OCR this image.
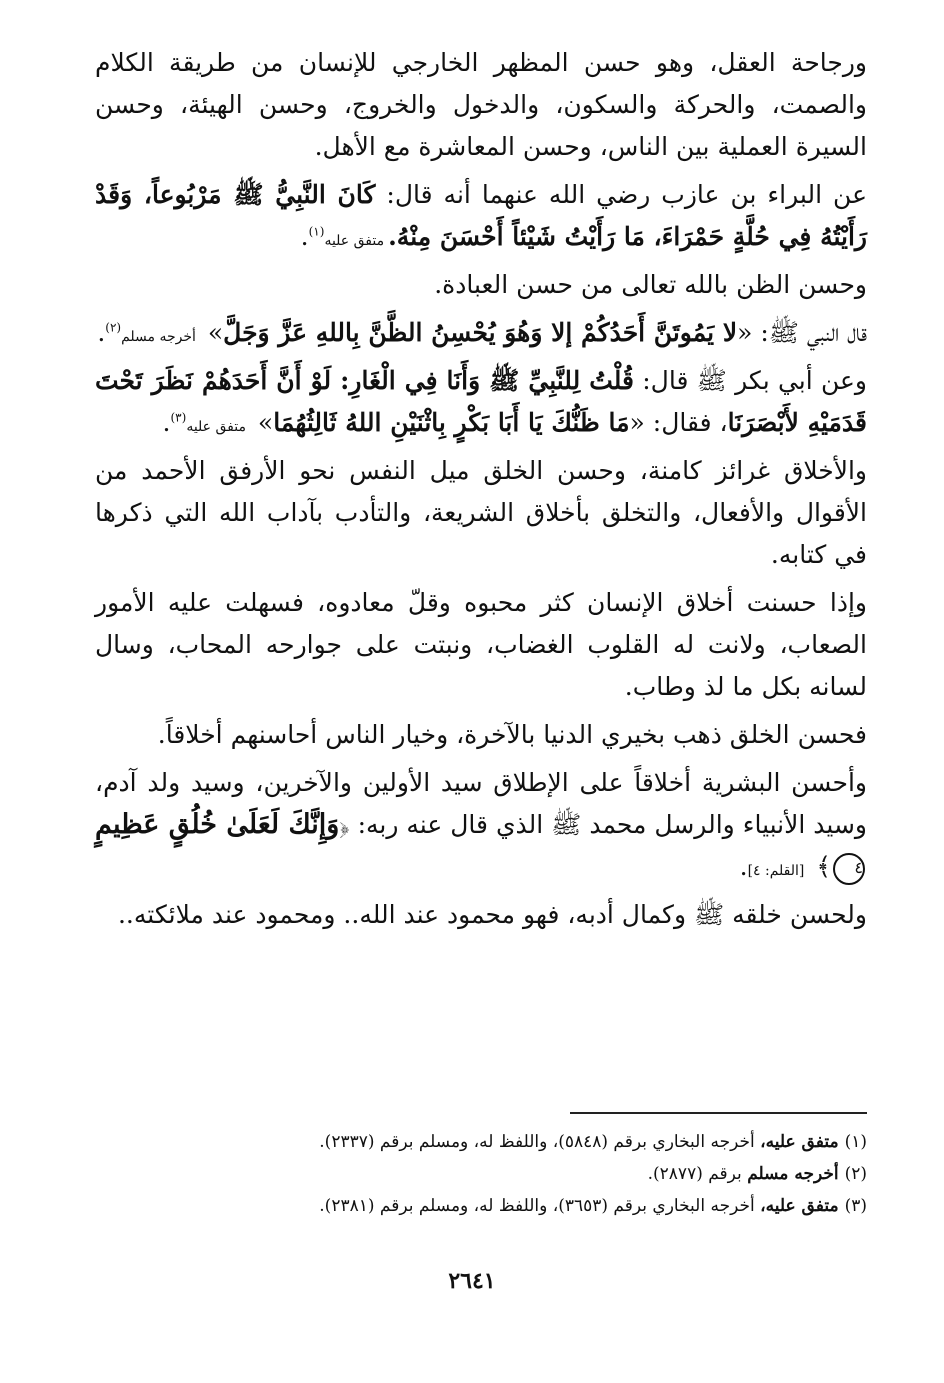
ورجاحة العقل، وهو حسن المظهر الخارجي للإنسان من طريقة الكلام والصمت، والحركة والسكون، والدخول والخروج، وحسن الهيئة، وحسن السيرة العملية بين الناس، وحسن المعاشرة مع الأهل.

عن البراء بن عازب رضي الله عنهما أنه قال: كَانَ النَّبِيُّ ﷺ مَرْبُوعاً، وَقَدْ رَأَيْتُهُ فِي حُلَّةٍ حَمْرَاءَ، مَا رَأَيْتُ شَيْئاً أَحْسَنَ مِنْهُ.متفق عليه$^{(١)}$.

وحسن الظن بالله تعالى من حسن العبادة.

قال النبي ﷺ: «لا يَمُوتَنَّ أَحَدُكُمْ إلا وَهُوَ يُحْسِنُ الظَّنَّ بِاللهِ عَزَّ وَجَلَّ» أخرجه مسلم$^{(٢)}$.

وعن أبي بكر ﷺ قال: قُلْتُ لِلنَّبِيِّ ﷺ وَأَنَا فِي الْغَارِ: لَوْ أَنَّ أَحَدَهُمْ نَظَرَ تَحْتَ قَدَمَيْهِ لأَبْصَرَنَا، فقال: «مَا ظَنُّكَ يَا أَبَا بَكْرٍ بِاثْنَيْنِ اللهُ ثَالِثُهُمَا» متفق عليه$^{(٣)}$.

والأخلاق غرائز كامنة، وحسن الخلق ميل النفس نحو الأرفق الأحمد من الأقوال والأفعال، والتخلق بأخلاق الشريعة، والتأدب بآداب الله التي ذكرها في كتابه.

وإذا حسنت أخلاق الإنسان كثر محبوه وقلّ معادوه، فسهلت عليه الأمور الصعاب، ولانت له القلوب الغضاب، ونبتت على جوارحه المحاب، وسال لسانه بكل ما لذ وطاب.

فحسن الخلق ذهب بخيري الدنيا بالآخرة، وخيار الناس أحاسنهم أخلاقاً.

وأحسن البشرية أخلاقاً على الإطلاق سيد الأولين والآخرين، وسيد ولد آدم، وسيد الأنبياء والرسل محمد ﷺ الذي قال عنه ربه: ﴿وَإِنَّكَ لَعَلَىٰ خُلُقٍ عَظِيمٍ٤﴾ [القلم: ٤].

ولحسن خلقه ﷺ وكمال أدبه، فهو محمود عند الله.. ومحمود عند ملائكته..

(١)متفق عليه، أخرجه البخاري برقم (٥٨٤٨)، واللفظ له، ومسلم برقم (٢٣٣٧).
(٢)أخرجه مسلم برقم (٢٨٧٧).
(٣)متفق عليه، أخرجه البخاري برقم (٣٦٥٣)، واللفظ له، ومسلم برقم (٢٣٨١).
٢٦٤١
